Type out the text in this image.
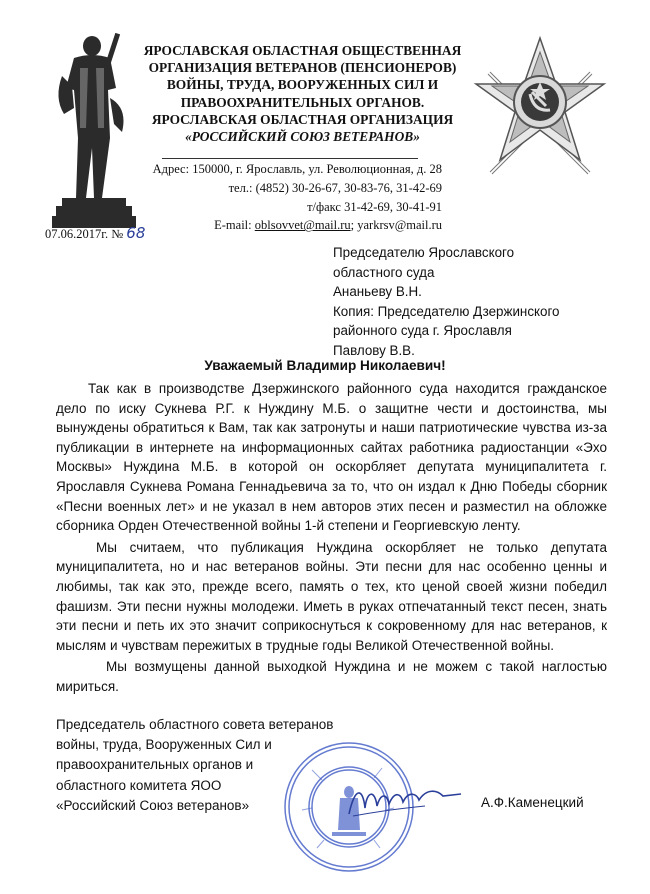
ЯРОСЛАВСКАЯ ОБЛАСТНАЯ ОБЩЕСТВЕННАЯ
ОРГАНИЗАЦИЯ ВЕТЕРАНОВ (ПЕНСИОНЕРОВ)
ВОЙНЫ, ТРУДА, ВООРУЖЕННЫХ СИЛ И
ПРАВООХРАНИТЕЛЬНЫХ ОРГАНОВ.
ЯРОСЛАВСКАЯ ОБЛАСТНАЯ ОРГАНИЗАЦИЯ
«РОССИЙСКИЙ СОЮЗ ВЕТЕРАНОВ»
Адрес: 150000, г. Ярославль, ул. Революционная, д. 28
тел.: (4852) 30-26-67, 30-83-76, 31-42-69
т/факс 31-42-69, 30-41-91
E-mail: oblsovvet@mail.ru; yarkrsv@mail.ru
07.06.2017г. № 68
Председателю Ярославского
областного суда
Ананьеву В.Н.
Копия: Председателю Дзержинского
районного суда г. Ярославля
Павлову В.В.
Уважаемый Владимир Николаевич!

Так как в производстве Дзержинского районного суда находится гражданское дело по иску Сукнева Р.Г. к Нуждину М.Б. о защитне чести и достоинства, мы вынуждены обратиться к Вам, так как затронуты и наши патриотические чувства из-за публикации в интернете на информационных сайтах работника радиостанции «Эхо Москвы» Нуждина М.Б. в которой он оскорбляет депутата муниципалитета г. Ярославля Сукнева Романа Геннадьевича за то, что он издал к Дню Победы сборник «Песни военных лет» и не указал в нем авторов этих песен и разместил на обложке сборника Орден Отечественной войны 1-й степени и Георгиевскую ленту.

Мы считаем, что публикация Нуждина оскорбляет не только депутата муниципалитета, но и нас ветеранов войны. Эти песни для нас особенно ценны и любимы, так как это, прежде всего, память о тех, кто ценой своей жизни победил фашизм. Эти песни нужны молодежи. Иметь в руках отпечатанный текст песен, знать эти песни и петь их это значит соприкоснуться к сокровенному для нас ветеранов, к мыслям и чувствам пережитых в трудные годы Великой Отечественной войны.

Мы возмущены данной выходкой Нуждина и не можем с такой наглостью мириться.

Председатель областного совета ветеранов
войны, труда, Вооруженных Сил и
правоохранительных органов и
областного комитета ЯОО
«Российский Союз ветеранов»	А.Ф.Каменецкий
